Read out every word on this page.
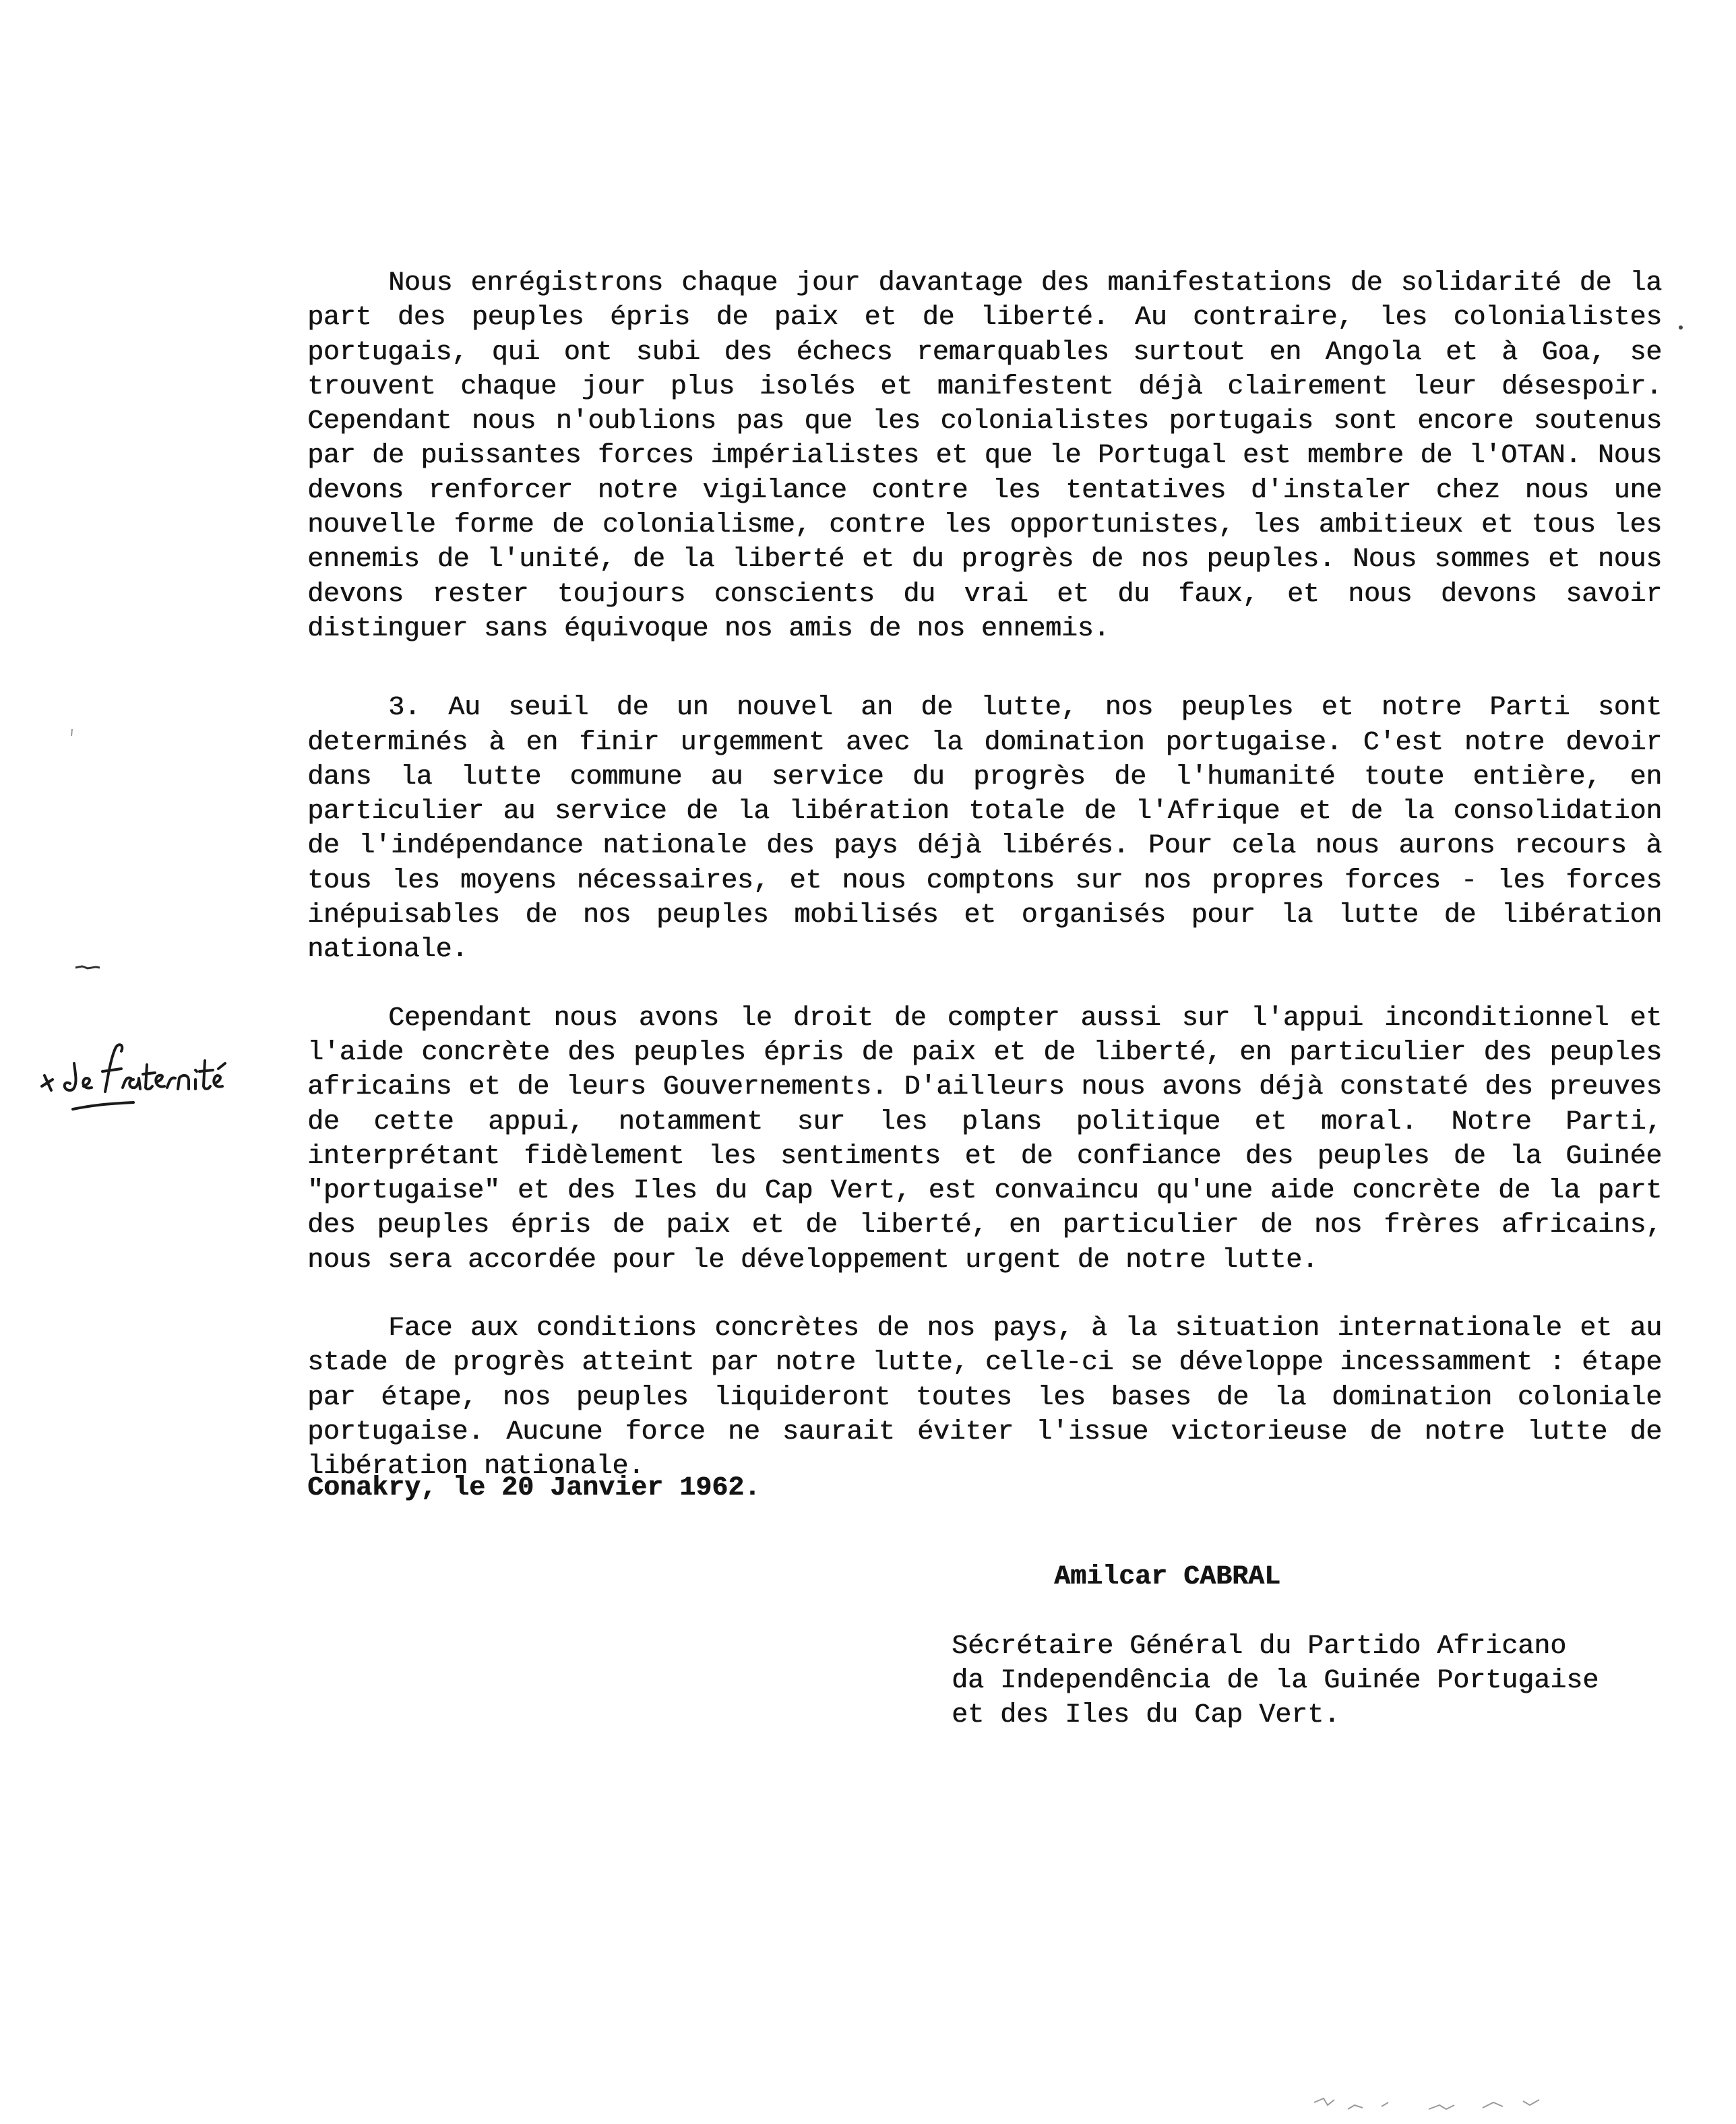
Nous enrégistrons chaque jour davantage des manifestations de solidarité de la part des peuples épris de paix et de liberté. Au contraire, les colonialistes portugais, qui ont subi des échecs remarquables surtout en Angola et à Goa, se trouvent chaque jour plus isolés et manifestent déjà clairement leur désespoir. Cependant nous n'oublions pas que les colonialistes portugais sont encore soutenus par de puissantes forces impérialistes et que le Portugal est membre de l'OTAN. Nous devons renforcer notre vigilance contre les tentatives d'instaler chez nous une nouvelle forme de colonialisme, contre les opportunistes, les ambitieux et tous les ennemis de l'unité, de la liberté et du progrès de nos peuples. Nous sommes et nous devons rester toujours conscients du vrai et du faux, et nous devons savoir distinguer sans équivoque nos amis de nos ennemis.

3. Au seuil de un nouvel an de lutte, nos peuples et notre Parti sont determinés à en finir urgemment avec la domination portugaise. C'est notre devoir dans la lutte commune au service du progrès de l'humanité toute entière, en particulier au service de la libération totale de l'Afrique et de la consolidation de l'indépendance nationale des pays déjà libérés. Pour cela nous aurons recours à tous les moyens nécessaires, et nous comptons sur nos propres forces - les forces inépuisables de nos peuples mobilisés et organisés pour la lutte de libération nationale.

Cependant nous avons le droit de compter aussi sur l'appui inconditionnel et l'aide concrète des peuples épris de paix et de liberté, en particulier des peuples africains et de leurs Gouvernements. D'ailleurs nous avons déjà constaté des preuves de cette appui, notamment sur les plans politique et moral. Notre Parti, interprétant fidèlement les sentiments et de confiance des peuples de la Guinée "portugaise" et des Iles du Cap Vert, est convaincu qu'une aide concrète de la part des peuples épris de paix et de liberté, en particulier de nos frères africains, nous sera accordée pour le développement urgent de notre lutte.

Face aux conditions concrètes de nos pays, à la situation internationale et au stade de progrès atteint par notre lutte, celle-ci se développe incessamment : étape par étape, nos peuples liquideront toutes les bases de la domination coloniale portugaise. Aucune force ne saurait éviter l'issue victorieuse de notre lutte de libération nationale.

Conakry, le 20 Janvier 1962.
Amilcar CABRAL
Sécrétaire Général du Partido Africano
da Independência de la Guinée Portugaise
et des Iles du Cap Vert.
